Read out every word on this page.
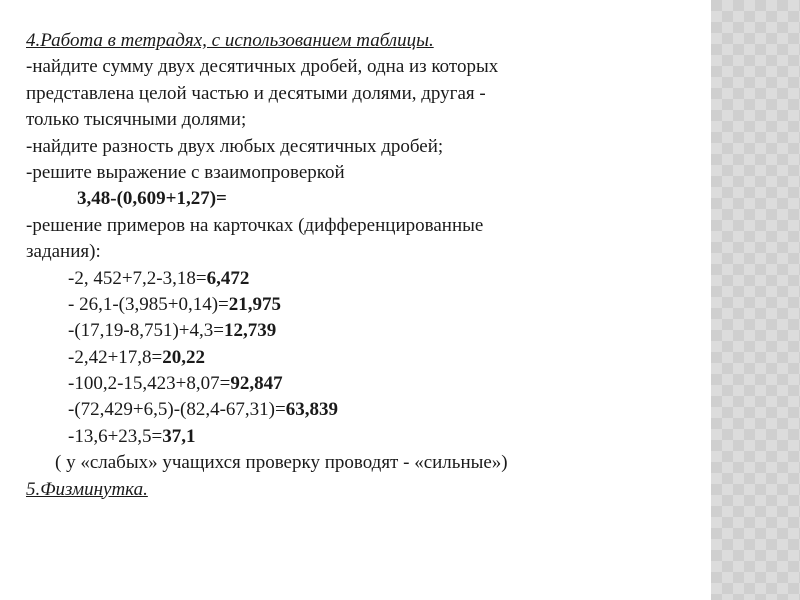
4.Работа в тетрадях, с использованием таблицы.
-найдите сумму двух десятичных дробей, одна из которых
представлена целой частью и десятыми долями, другая -
только тысячными долями;
-найдите разность двух любых десятичных дробей;
-решите выражение с взаимопроверкой
3,48-(0,609+1,27)=
-решение примеров на карточках (дифференцированные
задания):
-2, 452+7,2-3,18=6,472
- 26,1-(3,985+0,14)=21,975
-(17,19-8,751)+4,3=12,739
-2,42+17,8=20,22
-100,2-15,423+8,07=92,847
-(72,429+6,5)-(82,4-67,31)=63,839
-13,6+23,5=37,1
( у «слабых» учащихся проверку проводят - «сильные»)
5.Физминутка.
